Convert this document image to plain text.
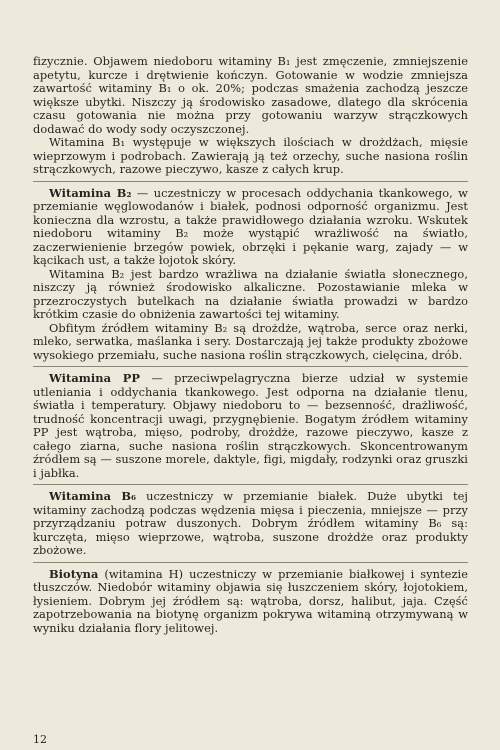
fizycznie. Objawem niedoboru witaminy B₁ jest zmęczenie, zmniejszenie apetytu, kurcze i drętwienie kończyn. Gotowanie w wodzie zmniejsza zawartość witaminy B₁ o ok. 20%; podczas smażenia zachodzą jeszcze większe ubytki. Niszczy ją środowisko zasadowe, dlatego dla skrócenia czasu gotowania nie można przy gotowaniu warzyw strączkowych dodawać do wody sody oczyszczonej.

Witamina B₁ występuje w większych ilościach w drożdżach, mięsie wieprzowym i podrobach. Zawierają ją też orzechy, suche nasiona roślin strączkowych, razowe pieczywo, kasze z całych krup.

Witamina B₂ — uczestniczy w procesach oddychania tkankowego, w przemianie węglowodanów i białek, podnosi odporność organizmu. Jest konieczna dla wzrostu, a także prawidłowego działania wzroku. Wskutek niedoboru witaminy B₂ może wystąpić wrażliwość na światło, zaczerwienienie brzegów powiek, obrzęki i pękanie warg, zajady — w kącikach ust, a także łojotok skóry.

Witamina B₂ jest bardzo wrażliwa na działanie światła słonecznego, niszczy ją również środowisko alkaliczne. Pozostawianie mleka w przezroczystych butelkach na działanie światła prowadzi w bardzo krótkim czasie do obniżenia zawartości tej witaminy.

Obfitym źródłem witaminy B₂ są drożdże, wątroba, serce oraz nerki, mleko, serwatka, maślanka i sery. Dostarczają jej także produkty zbożowe wysokiego przemiału, suche nasiona roślin strączkowych, cielęcina, drób.

Witamina PP — przeciwpelagryczna bierze udział w systemie utleniania i oddychania tkankowego. Jest odporna na działanie tlenu, światła i temperatury. Objawy niedoboru to — bezsenność, drażliwość, trudność koncentracji uwagi, przygnębienie. Bogatym źródłem witaminy PP jest wątroba, mięso, podroby, drożdże, razowe pieczywo, kasze z całego ziarna, suche nasiona roślin strączkowych. Skoncentrowanym źródłem są — suszone morele, daktyle, figi, migdały, rodzynki oraz gruszki i jabłka.

Witamina B₆ uczestniczy w przemianie białek. Duże ubytki tej witaminy zachodzą podczas wędzenia mięsa i pieczenia, mniejsze — przy przyrządzaniu potraw duszonych. Dobrym źródłem witaminy B₆ są: kurczęta, mięso wieprzowe, wątroba, suszone drożdże oraz produkty zbożowe.

Biotyna (witamina H) uczestniczy w przemianie białkowej i syntezie tłuszczów. Niedobór witaminy objawia się łuszczeniem skóry, łojotokiem, łysieniem. Dobrym jej źródłem są: wątroba, dorsz, halibut, jaja. Część zapotrzebowania na biotynę organizm pokrywa witaminą otrzymywaną w wyniku działania flory jelitowej.

12
